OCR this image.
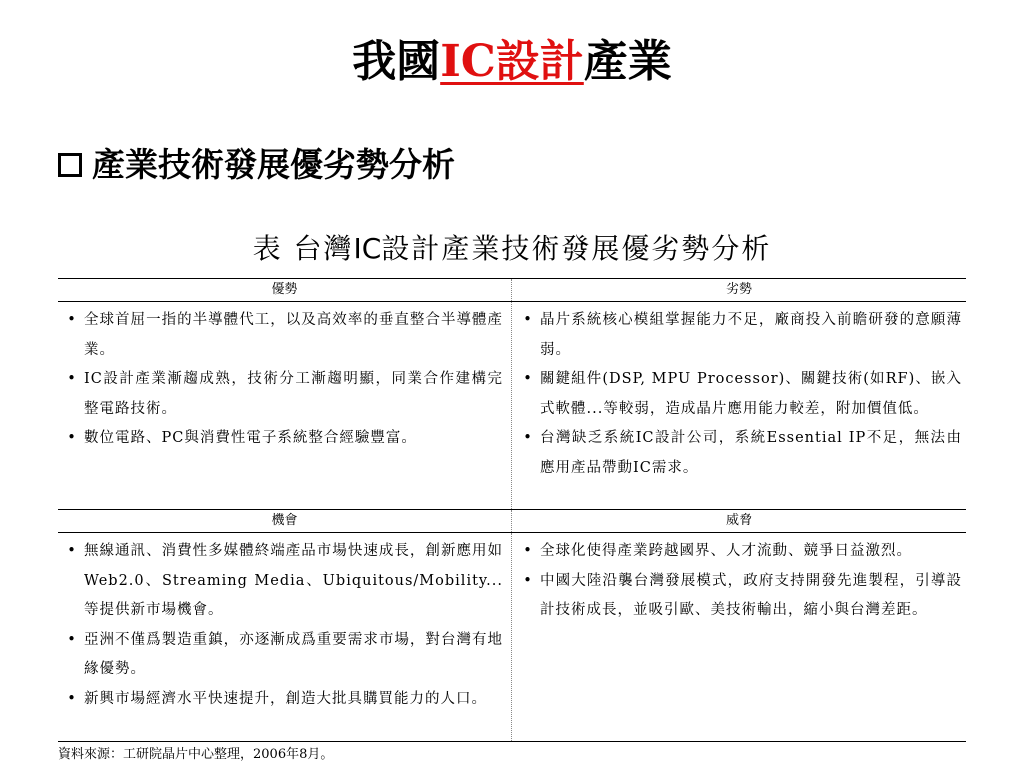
我國IC設計產業
產業技術發展優劣勢分析
表 台灣IC設計產業技術發展優劣勢分析
優勢	劣勢
• 全球首屈一指的半導體代工，以及高效率的垂直整合半導體產業。
• IC設計產業漸趨成熟，技術分工漸趨明顯，同業合作建構完整電路技術。
• 數位電路、PC與消費性電子系統整合經驗豐富。
• 晶片系統核心模組掌握能力不足，廠商投入前瞻研發的意願薄弱。
• 關鍵組件(DSP, MPU Processor)、關鍵技術(如RF)、嵌入式軟體...等較弱，造成晶片應用能力較差，附加價值低。
• 台灣缺乏系統IC設計公司，系統Essential IP不足，無法由應用產品帶動IC需求。
機會	威脅
• 無線通訊、消費性多媒體終端產品市場快速成長，創新應用如Web2.0、Streaming Media、Ubiquitous/Mobility...等提供新市場機會。
• 亞洲不僅爲製造重鎮，亦逐漸成爲重要需求市場，對台灣有地緣優勢。
• 新興市場經濟水平快速提升，創造大批具購買能力的人口。
• 全球化使得產業跨越國界、人才流動、競爭日益激烈。
• 中國大陸沿襲台灣發展模式，政府支持開發先進製程，引導設計技術成長，並吸引歐、美技術輸出，縮小與台灣差距。
資料來源：工研院晶片中心整理，2006年8月。
